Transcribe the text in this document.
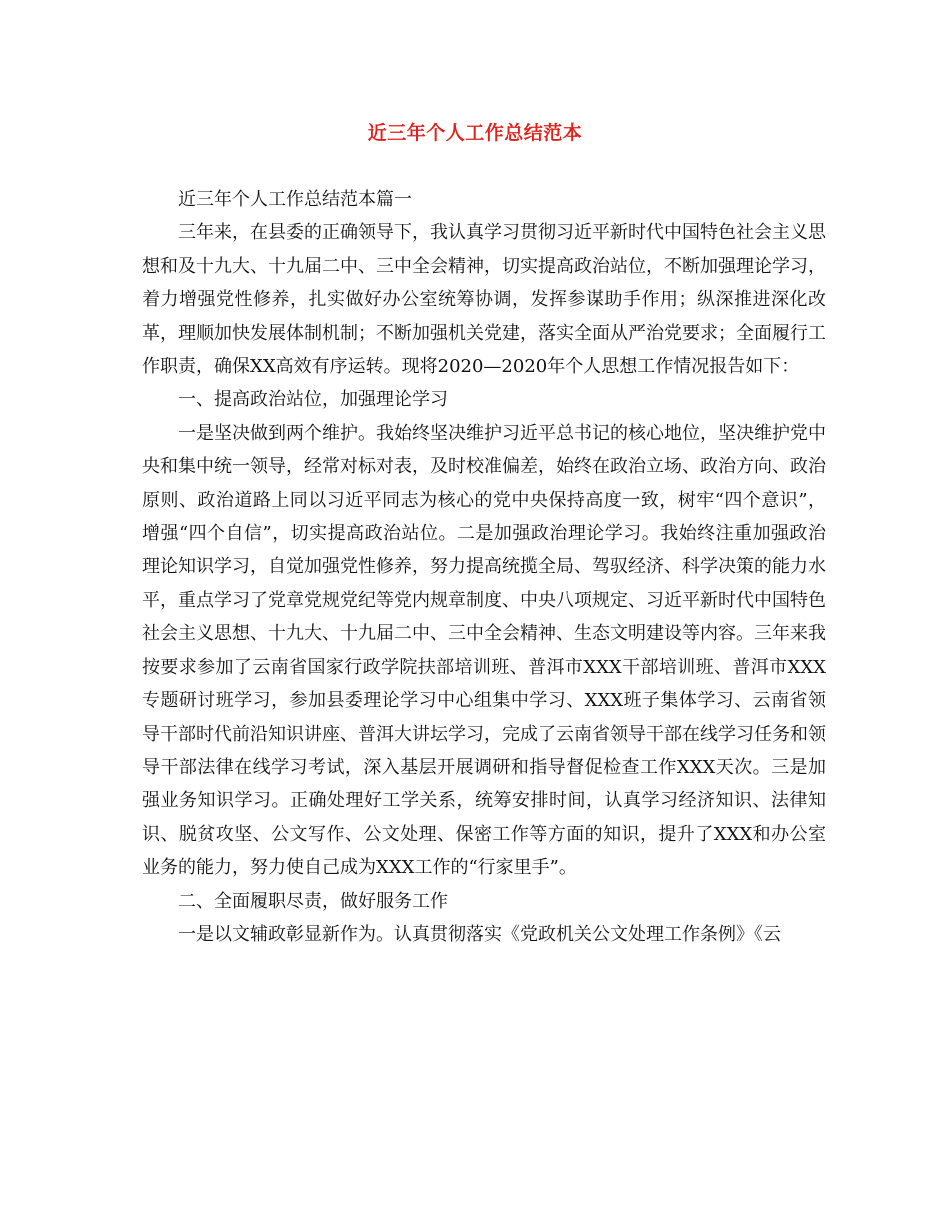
近三年个人工作总结范本

近三年个人工作总结范本篇一

三年来，在县委的正确领导下，我认真学习贯彻习近平新时代中国特色社会主义思想和及十九大、十九届二中、三中全会精神，切实提高政治站位，不断加强理论学习，着力增强党性修养，扎实做好办公室统筹协调，发挥参谋助手作用；纵深推进深化改革，理顺加快发展体制机制；不断加强机关党建，落实全面从严治党要求；全面履行工作职责，确保XX高效有序运转。现将2020—2020年个人思想工作情况报告如下：

一、提高政治站位，加强理论学习

一是坚决做到两个维护。我始终坚决维护习近平总书记的核心地位，坚决维护党中央和集中统一领导，经常对标对表，及时校准偏差，始终在政治立场、政治方向、政治原则、政治道路上同以习近平同志为核心的党中央保持高度一致，树牢“四个意识”，增强“四个自信”，切实提高政治站位。二是加强政治理论学习。我始终注重加强政治理论知识学习，自觉加强党性修养，努力提高统揽全局、驾驭经济、科学决策的能力水平，重点学习了党章党规党纪等党内规章制度、中央八项规定、习近平新时代中国特色社会主义思想、十九大、十九届二中、三中全会精神、生态文明建设等内容。三年来我按要求参加了云南省国家行政学院扶部培训班、普洱市XXX干部培训班、普洱市XXX专题研讨班学习，参加县委理论学习中心组集中学习、XXX班子集体学习、云南省领导干部时代前沿知识讲座、普洱大讲坛学习，完成了云南省领导干部在线学习任务和领导干部法律在线学习考试，深入基层开展调研和指导督促检查工作XXX天次。三是加强业务知识学习。正确处理好工学关系，统筹安排时间，认真学习经济知识、法律知识、脱贫攻坚、公文写作、公文处理、保密工作等方面的知识，提升了XXX和办公室业务的能力，努力使自己成为XXX工作的“行家里手”。

二、全面履职尽责，做好服务工作

一是以文辅政彰显新作为。认真贯彻落实《党政机关公文处理工作条例》《云
